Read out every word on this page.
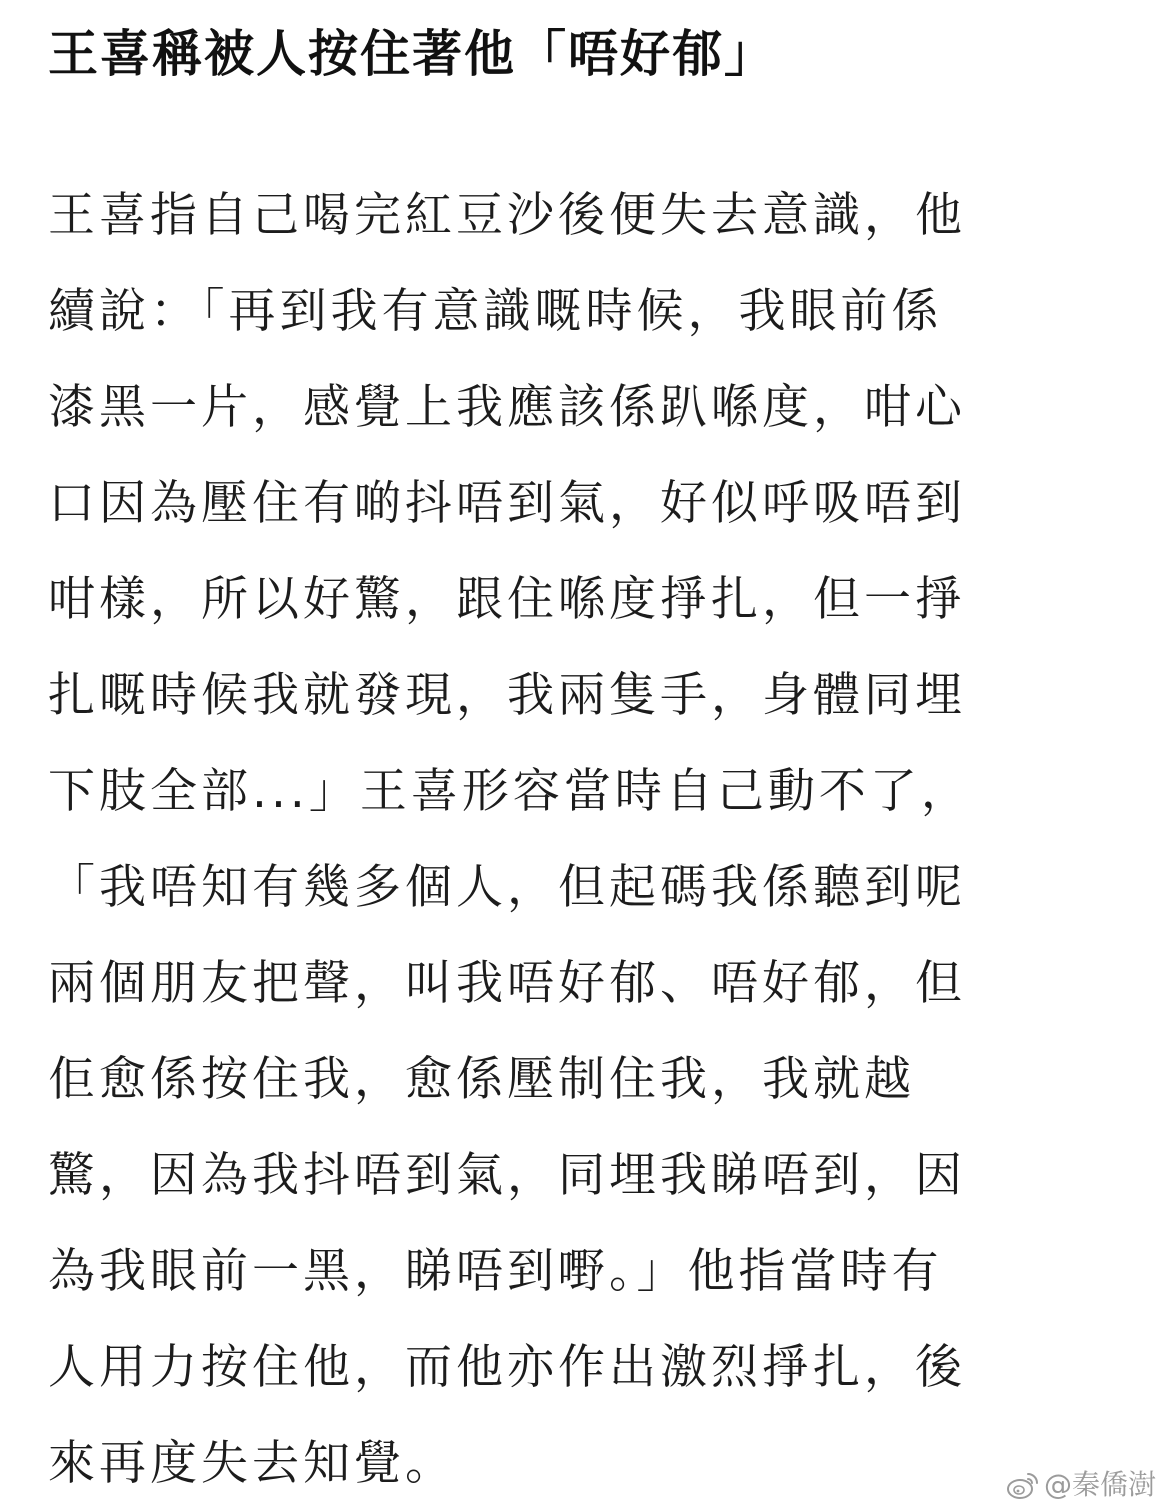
王喜稱被人按住著他「唔好郁」
王喜指自己喝完紅豆沙後便失去意識，他
續說：「再到我有意識嘅時候，我眼前係
漆黑一片，感覺上我應該係趴喺度，咁心
口因為壓住有啲抖唔到氣，好似呼吸唔到
咁樣，所以好驚，跟住喺度掙扎，但一掙
扎嘅時候我就發現，我兩隻手，身體同埋
下肢全部...」王喜形容當時自己動不了，
「我唔知有幾多個人，但起碼我係聽到呢
兩個朋友把聲，叫我唔好郁、唔好郁，但
佢愈係按住我，愈係壓制住我，我就越
驚，因為我抖唔到氣，同埋我睇唔到，因
為我眼前一黑，睇唔到嘢。」他指當時有
人用力按住他，而他亦作出激烈掙扎，後
來再度失去知覺。	@秦僑澍
